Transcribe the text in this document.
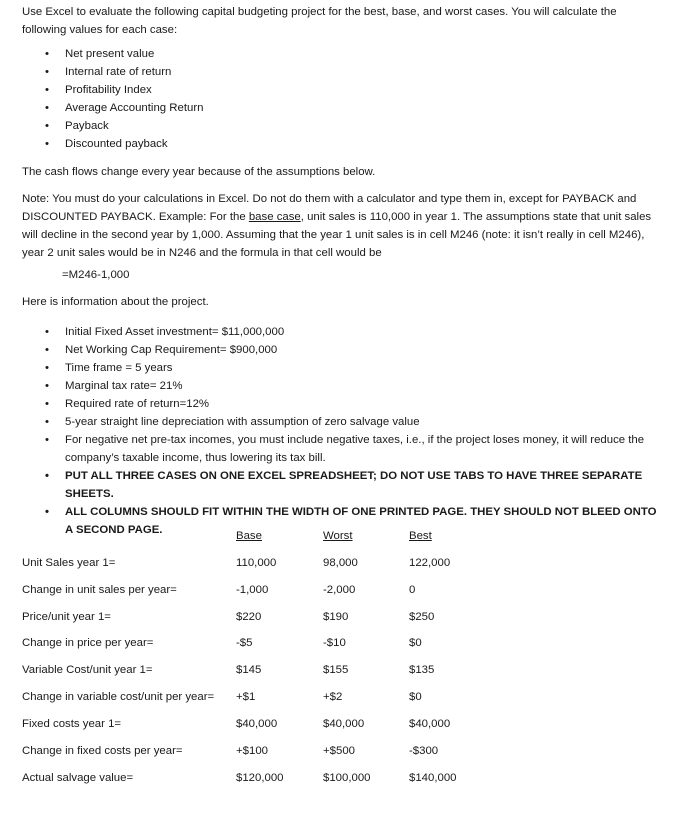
Use Excel to evaluate the following capital budgeting project for the best, base, and worst cases. You will calculate the following values for each case:
• Net present value
• Internal rate of return
• Profitability Index
• Average Accounting Return
• Payback
• Discounted payback
The cash flows change every year because of the assumptions below.
Note: You must do your calculations in Excel. Do not do them with a calculator and type them in, except for PAYBACK and DISCOUNTED PAYBACK. Example: For the base case, unit sales is 110,000 in year 1. The assumptions state that unit sales will decline in the second year by 1,000. Assuming that the year 1 unit sales is in cell M246 (note: it isn’t really in cell M246), year 2 unit sales would be in N246 and the formula in that cell would be
=M246-1,000
Here is information about the project.
• Initial Fixed Asset investment= $11,000,000
• Net Working Cap Requirement= $900,000
• Time frame = 5 years
• Marginal tax rate= 21%
• Required rate of return=12%
• 5-year straight line depreciation with assumption of zero salvage value
• For negative net pre-tax incomes, you must include negative taxes, i.e., if the project loses money, it will reduce the company’s taxable income, thus lowering its tax bill.
• PUT ALL THREE CASES ON ONE EXCEL SPREADSHEET; DO NOT USE TABS TO HAVE THREE SEPARATE SHEETS.
• ALL COLUMNS SHOULD FIT WITHIN THE WIDTH OF ONE PRINTED PAGE. THEY SHOULD NOT BLEED ONTO A SECOND PAGE.	Base	Worst	Best
Unit Sales year 1=	110,000	98,000	122,000
Change in unit sales per year=	-1,000	-2,000	0
Price/unit year 1=	$220	$190	$250
Change in price per year=	-$5	-$10	$0
Variable Cost/unit year 1=	$145	$155	$135
Change in variable cost/unit per year= +$1	+$2	$0
Fixed costs year 1=	$40,000	$40,000	$40,000
Change in fixed costs per year=	+$100	+$500	-$300
Actual salvage value=	$120,000	$100,000	$140,000
